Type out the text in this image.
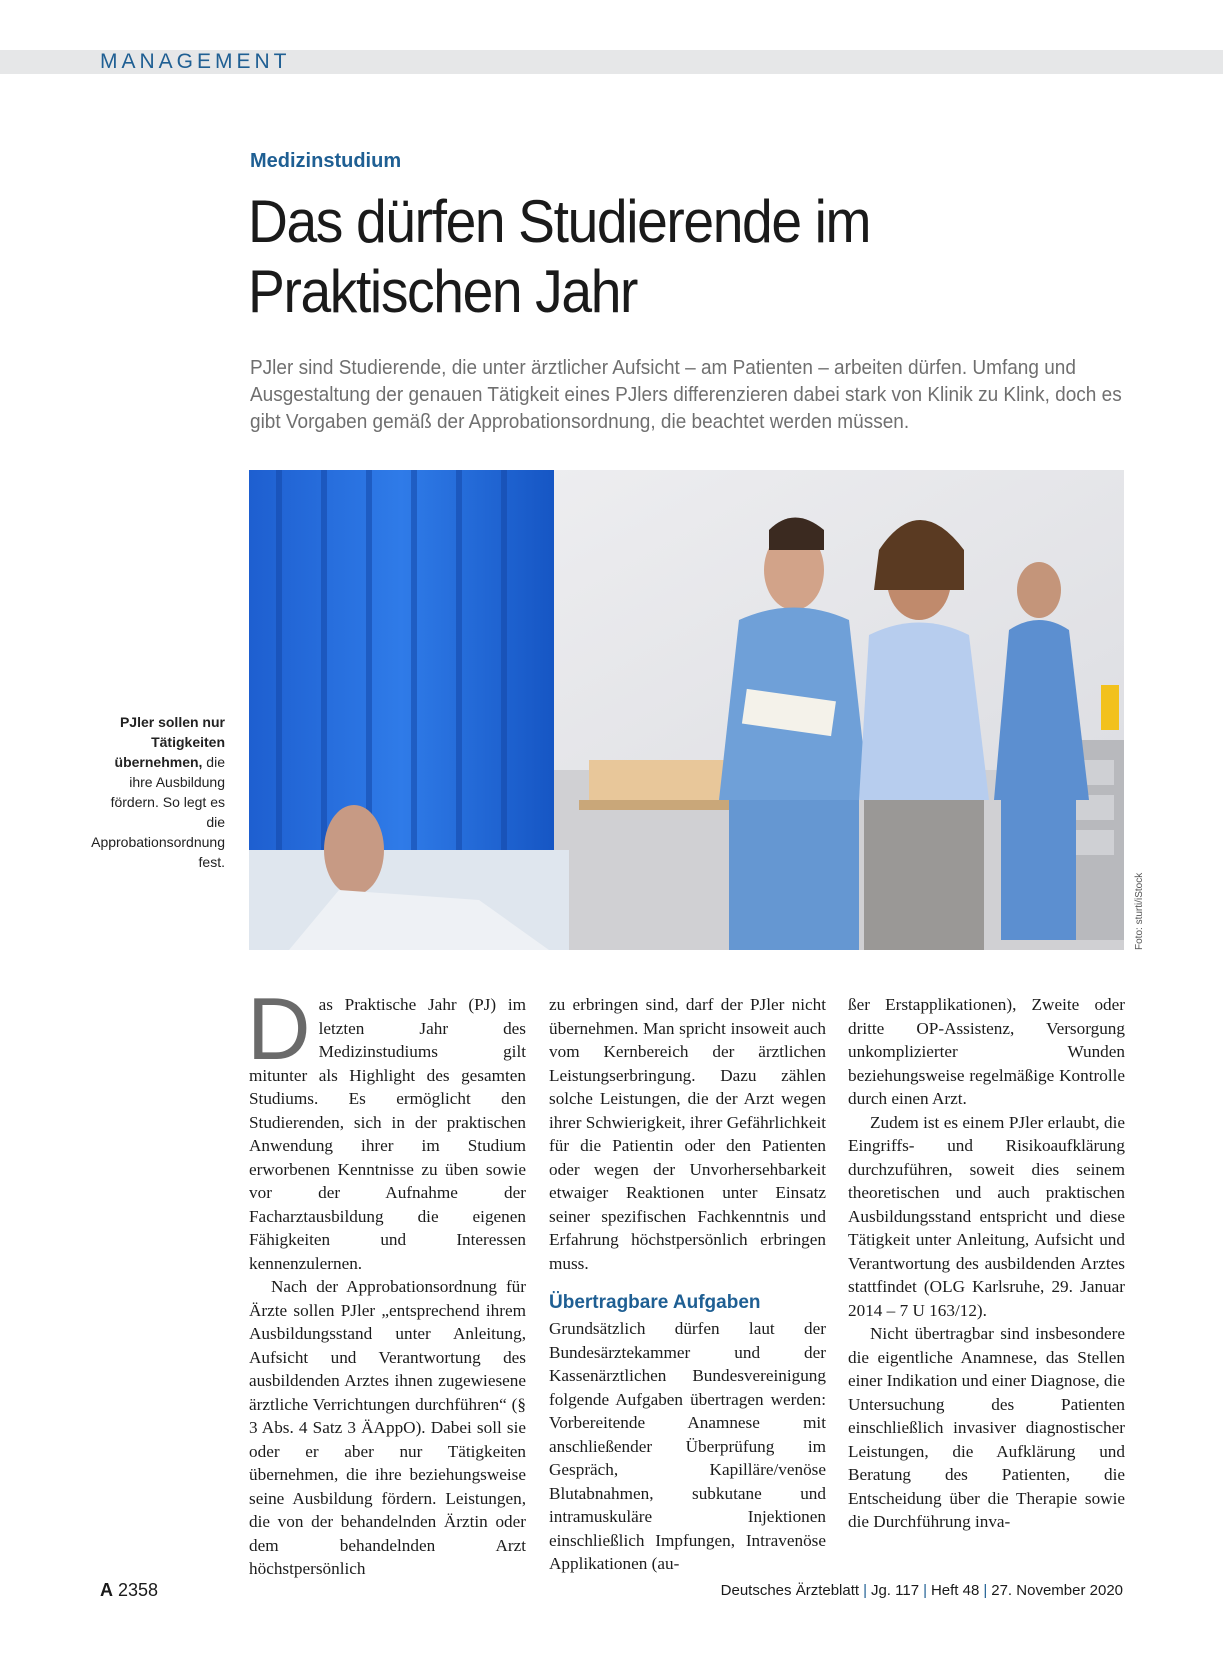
MANAGEMENT
Medizinstudium
Das dürfen Studierende im Praktischen Jahr
PJler sind Studierende, die unter ärztlicher Aufsicht – am Patienten – arbeiten dürfen. Umfang und Ausgestaltung der genauen Tätigkeit eines PJlers differenzieren dabei stark von Klinik zu Klink, doch es gibt Vorgaben gemäß der Approbationsordnung, die beachtet werden müssen.
PJler sollen nur Tätigkeiten übernehmen, die ihre Ausbildung fördern. So legt es die Approbationsordnung fest.
Foto: sturti/iStock

Das Praktische Jahr (PJ) im letzten Jahr des Medizinstudiums gilt mitunter als Highlight des gesamten Studiums. Es ermöglicht den Studierenden, sich in der praktischen Anwendung ihrer im Studium erworbenen Kenntnisse zu üben sowie vor der Aufnahme der Facharztausbildung die eigenen Fähigkeiten und Interessen kennenzulernen.

Nach der Approbationsordnung für Ärzte sollen PJler „entsprechend ihrem Ausbildungsstand unter Anleitung, Aufsicht und Verantwortung des ausbildenden Arztes ihnen zugewiesene ärztliche Verrichtungen durchführen“ (§ 3 Abs. 4 Satz 3 ÄAppO). Dabei soll sie oder er aber nur Tätigkeiten übernehmen, die ihre beziehungsweise seine Ausbildung fördern. Leistungen, die von der behandelnden Ärztin oder dem behandelnden Arzt höchstpersönlich

zu erbringen sind, darf der PJler nicht übernehmen. Man spricht insoweit auch vom Kernbereich der ärztlichen Leistungserbringung. Dazu zählen solche Leistungen, die der Arzt wegen ihrer Schwierigkeit, ihrer Gefährlichkeit für die Patientin oder den Patienten oder wegen der Unvorhersehbarkeit etwaiger Reaktionen unter Einsatz seiner spezifischen Fachkenntnis und Erfahrung höchstpersönlich erbringen muss.

Übertragbare Aufgaben

Grundsätzlich dürfen laut der Bundesärztekammer und der Kassenärztlichen Bundesvereinigung folgende Aufgaben übertragen werden: Vorbereitende Anamnese mit anschließender Überprüfung im Gespräch, Kapilläre/venöse Blutabnahmen, subkutane und intramuskuläre Injektionen einschließlich Impfungen, Intravenöse Applikationen (au-

ßer Erstapplikationen), Zweite oder dritte OP-Assistenz, Versorgung unkomplizierter Wunden beziehungsweise regelmäßige Kontrolle durch einen Arzt.

Zudem ist es einem PJler erlaubt, die Eingriffs- und Risikoaufklärung durchzuführen, soweit dies seinem theoretischen und auch praktischen Ausbildungsstand entspricht und diese Tätigkeit unter Anleitung, Aufsicht und Verantwortung des ausbildenden Arztes stattfindet (OLG Karlsruhe, 29. Januar 2014 – 7 U 163/12).

Nicht übertragbar sind insbesondere die eigentliche Anamnese, das Stellen einer Indikation und einer Diagnose, die Untersuchung des Patienten einschließlich invasiver diagnostischer Leistungen, die Aufklärung und Beratung des Patienten, die Entscheidung über die Therapie sowie die Durchführung inva-

A 2358	Deutsches Ärzteblatt | Jg. 117 | Heft 48 | 27. November 2020
